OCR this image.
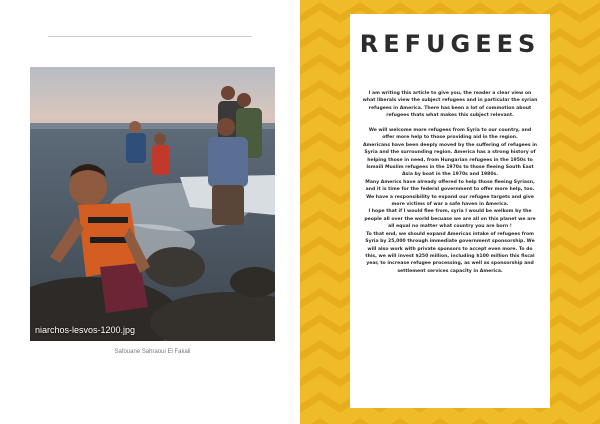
niarchos-lesvos-1200.jpg
Safouane Sahraoui El Fakali
REFUGEES

I am writing this article to give you, the reader a clear view on what liberals view the subject refugees and in particular the syrian refugees in America. There has been a lot of commotion about refugees thats what makes this subject relevant.

We will welcome more refugees from Syria to our country, and offer more help to those providing aid in the region.

Americans have been deeply moved by the suffering of refugees in Syria and the surrounding region. America has a strong history of helping those in need, from Hungarian refugees in the 1950s to Ismaili Muslim refugees in the 1970s to those fleeing South East Asia by boat in the 1970s and 1980s.

Many Americs have already offered to help those fleeing Syriasn, and it is time for the federal government to offer more help, too. We have a responsibility to expand our refugee targets and give more victims of war a safe haven in America.

I hope that if I would flee from, syria I would be welkom by the people all over the world becuase we are all on this planet we are all equal no matter what country you are born !

To that end, we should expand Americas intake of refugees from Syria by 25,000 through immediate government sponsorship. We will also work with private sponsors to accept even more. To do this, we will invest $250 million, including $100 million this fiscal year, to increase refugee processing, as well as sponsorship and settlement services capacity in America.
